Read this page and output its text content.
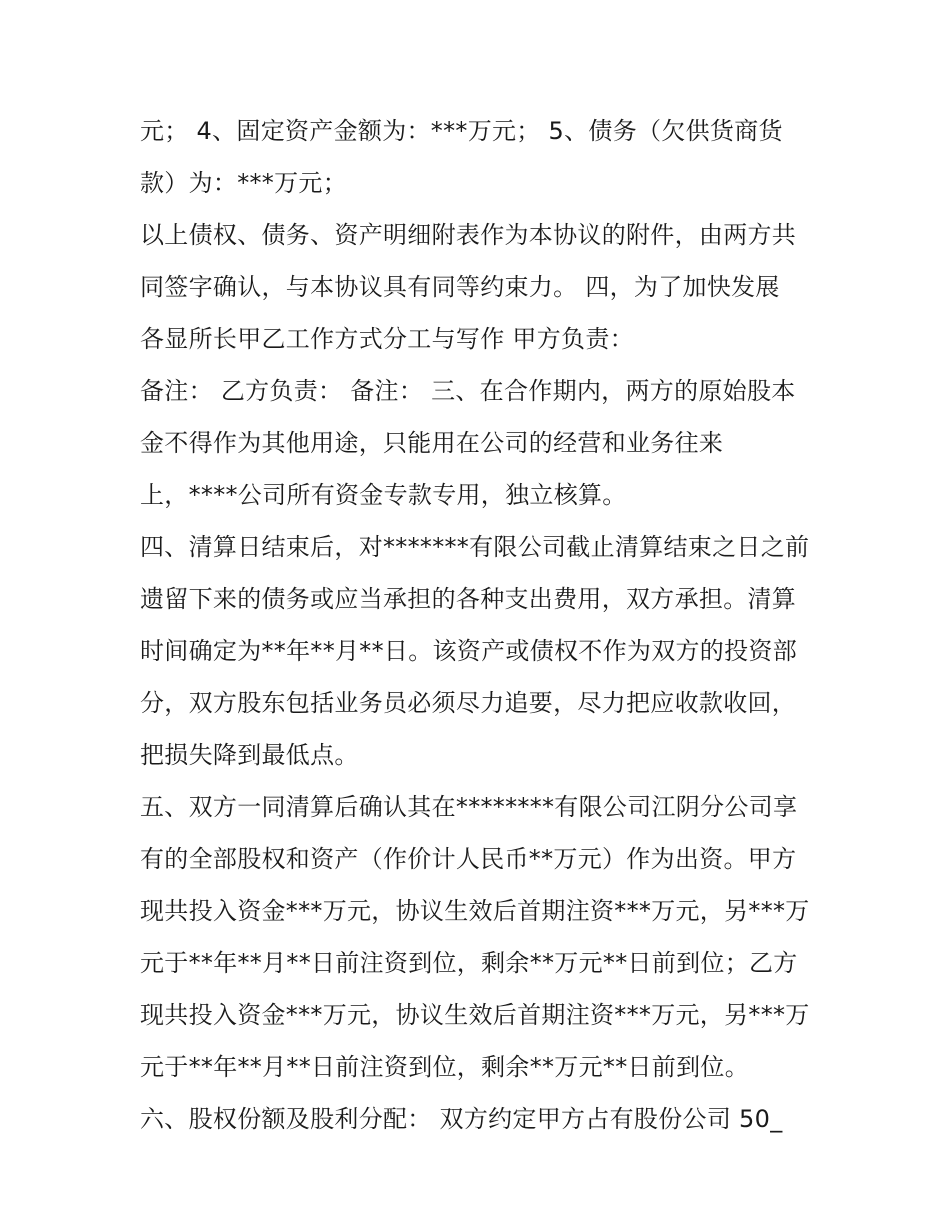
元； 4、固定资产金额为：***万元； 5、债务（欠供货商货
款）为：***万元；
以上债权、债务、资产明细附表作为本协议的附件，由两方共
同签字确认，与本协议具有同等约束力。 四，为了加快发展
各显所长甲乙工作方式分工与写作 甲方负责：
备注： 乙方负责： 备注： 三、在合作期内，两方的原始股本
金不得作为其他用途，只能用在公司的经营和业务往来
上，****公司所有资金专款专用，独立核算。
四、清算日结束后，对*******有限公司截止清算结束之日之前
遗留下来的债务或应当承担的各种支出费用，双方承担。清算
时间确定为**年**月**日。该资产或债权不作为双方的投资部
分，双方股东包括业务员必须尽力追要，尽力把应收款收回，
把损失降到最低点。
五、双方一同清算后确认其在********有限公司江阴分公司享
有的全部股权和资产（作价计人民币**万元）作为出资。甲方
现共投入资金***万元，协议生效后首期注资***万元，另***万
元于**年**月**日前注资到位，剩余**万元**日前到位；乙方
现共投入资金***万元，协议生效后首期注资***万元，另***万
元于**年**月**日前注资到位，剩余**万元**日前到位。
六、股权份额及股利分配： 双方约定甲方占有股份公司 50_
